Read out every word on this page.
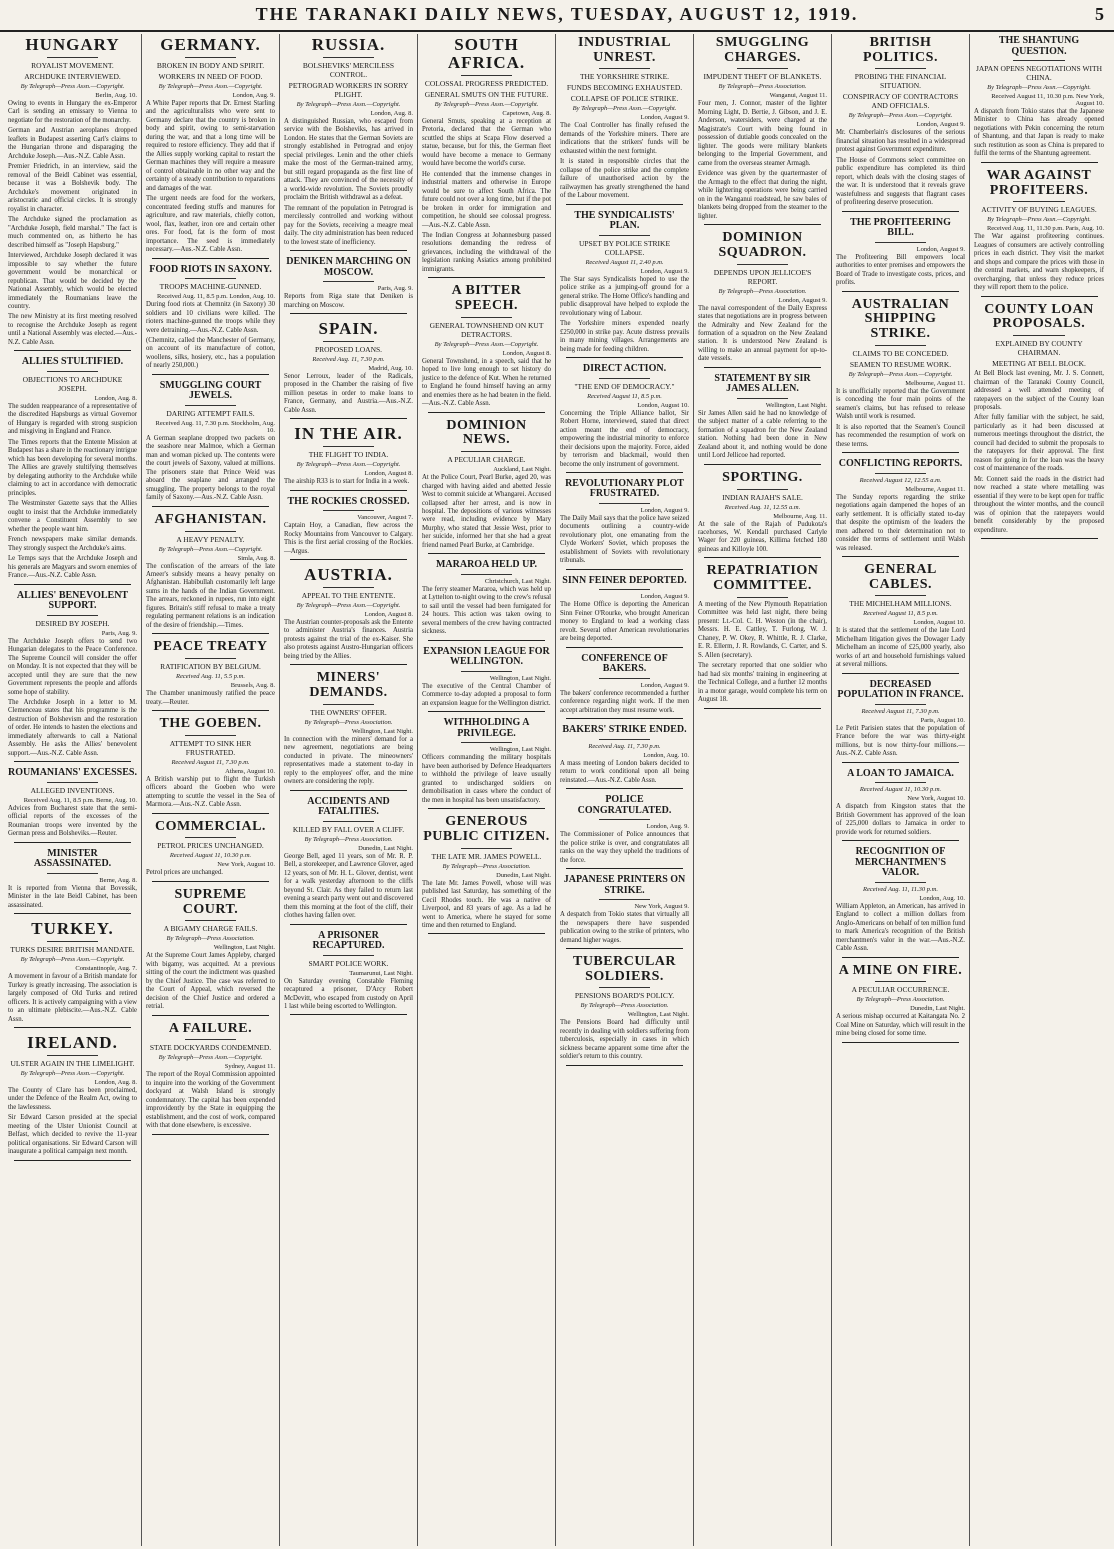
THE TARANAKI DAILY NEWS, TUESDAY, AUGUST 12, 1919.	5
HUNGARY
ROYALIST MOVEMENT.
ARCHDUKE INTERVIEWED.
By Telegraph—Press Assn.—Copyright.
Berlin, Aug. 10.

Owing to events in Hungary the ex-Emperor Carl is sending an emissary to Vienna to negotiate for the restoration of the monarchy.

German and Austrian aeroplanes dropped leaflets in Budapest asserting Carl's claims to the Hungarian throne and disparaging the Archduke Joseph.—Aus.-N.Z. Cable Assn.

Premier Friedrich, in an interview, said the removal of the Beidl Cabinet was essential, because it was a Bolshevik body. The Archduke's movement originated in aristocratic and official circles. It is strongly royalist in character.

The Archduke signed the proclamation as "Archduke Joseph, field marshal." The fact is much commented on, as hitherto he has described himself as "Joseph Hapsburg."

Interviewed, Archduke Joseph declared it was impossible to say whether the future government would be monarchical or republican. That would be decided by the National Assembly, which would be elected immediately the Roumanians leave the country.

The new Ministry at its first meeting resolved to recognise the Archduke Joseph as regent until a National Assembly was elected.—Aus.-N.Z. Cable Assn.

ALLIES STULTIFIED.
OBJECTIONS TO ARCHDUKE JOSEPH.
London, Aug. 8.

The sudden reappearance of a representative of the discredited Hapsburgs as virtual Governor of Hungary is regarded with strong suspicion and misgiving in England and France.

The Times reports that the Entente Mission at Budapest has a share in the reactionary intrigue which has been developing for several months. The Allies are gravely stultifying themselves by delegating authority to the Archduke while claiming to act in accordance with democratic principles.

The Westminster Gazette says that the Allies ought to insist that the Archduke immediately convene a Constituent Assembly to see whether the people want him.

French newspapers make similar demands. They strongly suspect the Archduke's aims.

Le Temps says that the Archduke Joseph and his generals are Magyars and sworn enemies of France.—Aus.-N.Z. Cable Assn.

ALLIES' BENEVOLENT SUPPORT.
DESIRED BY JOSEPH.
Paris, Aug. 9.

The Archduke Joseph offers to send two Hungarian delegates to the Peace Conference. The Supreme Council will consider the offer on Monday. It is not expected that they will be accepted until they are sure that the new Government represents the people and affords some hope of stability.

The Archduke Joseph in a letter to M. Clemenceau states that his programme is the destruction of Bolshevism and the restoration of order. He intends to hasten the elections and immediately afterwards to call a National Assembly. He asks the Allies' benevolent support.—Aus.-N.Z. Cable Assn.

ROUMANIANS' EXCESSES.
ALLEGED INVENTIONS.
Received Aug. 11, 8.5 p.m. Berne, Aug. 10.

Advices from Bucharest state that the semi-official reports of the excesses of the Roumanian troops were invented by the German press and Bolsheviks.—Reuter.

MINISTER ASSASSINATED.
Berne, Aug. 8.

It is reported from Vienna that Bovessik, Minister in the late Beidl Cabinet, has been assassinated.

TURKEY.
TURKS DESIRE BRITISH MANDATE.
By Telegraph—Press Assn.—Copyright.
Constantinople, Aug. 7.

A movement in favour of a British mandate for Turkey is greatly increasing. The association is largely composed of Old Turks and retired officers. It is actively campaigning with a view to an ultimate plebiscite.—Aus.-N.Z. Cable Assn.

IRELAND.
ULSTER AGAIN IN THE LIMELIGHT.
By Telegraph—Press Assn.—Copyright.
London, Aug. 8.

The County of Clare has been proclaimed, under the Defence of the Realm Act, owing to the lawlessness.

Sir Edward Carson presided at the special meeting of the Ulster Unionist Council at Belfast, which decided to revive the 11-year political organisations. Sir Edward Carson will inaugurate a political campaign next month.

GERMANY.
BROKEN IN BODY AND SPIRIT.
WORKERS IN NEED OF FOOD.
By Telegraph—Press Assn.—Copyright.
London, Aug. 9.

A White Paper reports that Dr. Ernest Starling and the agriculturalists who were sent to Germany declare that the country is broken in body and spirit, owing to semi-starvation during the war, and that a long time will be required to restore efficiency. They add that if the Allies supply working capital to restart the German machines they will require a measure of control obtainable in no other way and the certainty of a steady contribution to reparations and damages of the war.

The urgent needs are food for the workers, concentrated feeding stuffs and manures for agriculture, and raw materials, chiefly cotton, wool, flax, leather, iron ore and certain other ores. For food, fat is the form of most importance. The seed is immediately necessary.—Aus.-N.Z. Cable Assn.

FOOD RIOTS IN SAXONY.
TROOPS MACHINE-GUNNED.
Received Aug. 11, 8.5 p.m. London, Aug. 10.

During food riots at Chemnitz (in Saxony) 30 soldiers and 10 civilians were killed. The rioters machine-gunned the troops while they were detraining.—Aus.-N.Z. Cable Assn.

(Chemnitz, called the Manchester of Germany, on account of its manufacture of cotton, woollens, silks, hosiery, etc., has a population of nearly 250,000.)

SMUGGLING COURT JEWELS.
DARING ATTEMPT FAILS.
Received Aug. 11, 7.30 p.m. Stockholm, Aug. 10.

A German seaplane dropped two packets on the seashore near Malmoe, which a German man and woman picked up. The contents were the court jewels of Saxony, valued at millions. The prisoners state that Prince Weid was aboard the seaplane and arranged the smuggling. The property belongs to the royal family of Saxony.—Aus.-N.Z. Cable Assn.

AFGHANISTAN.
A HEAVY PENALTY.
By Telegraph—Press Assn.—Copyright.
Simla, Aug. 8.

The confiscation of the arrears of the late Ameer's subsidy means a heavy penalty on Afghanistan. Habibullah customarily left large sums in the hands of the Indian Government. The arrears, reckoned in rupees, run into eight figures. Britain's stiff refusal to make a treaty regulating permanent relations is an indication of the desire of friendship.—Times.

PEACE TREATY
RATIFICATION BY BELGIUM.
Received Aug. 11, 5.5 p.m.
Brussels, Aug. 8.

The Chamber unanimously ratified the peace treaty.—Reuter.

THE GOEBEN.
ATTEMPT TO SINK HER FRUSTRATED.
Received August 11, 7.30 p.m.
Athens, August 10.

A British warship put to flight the Turkish officers aboard the Goeben who were attempting to scuttle the vessel in the Sea of Marmora.—Aus.-N.Z. Cable Assn.

COMMERCIAL.
PETROL PRICES UNCHANGED.
Received August 11, 10.30 p.m.
New York, August 10.

Petrol prices are unchanged.

SUPREME COURT.
A BIGAMY CHARGE FAILS.
By Telegraph—Press Association.
Wellington, Last Night.

At the Supreme Court James Appleby, charged with bigamy, was acquitted. At a previous sitting of the court the indictment was quashed by the Chief Justice. The case was referred to the Court of Appeal, which reversed the decision of the Chief Justice and ordered a retrial.

A FAILURE.
STATE DOCKYARDS CONDEMNED.
By Telegraph—Press Assn.—Copyright.
Sydney, August 11.

The report of the Royal Commission appointed to inquire into the working of the Government dockyard at Walsh Island is strongly condemnatory. The capital has been expended improvidently by the State in equipping the establishment, and the cost of work, compared with that done elsewhere, is excessive.

RUSSIA.
BOLSHEVIKS' MERCILESS CONTROL.
PETROGRAD WORKERS IN SORRY PLIGHT.
By Telegraph—Press Assn.—Copyright.
London, Aug. 8.

A distinguished Russian, who escaped from service with the Bolsheviks, has arrived in London. He states that the German Soviets are strongly established in Petrograd and enjoy special privileges. Lenin and the other chiefs make the most of the German-trained army, but still regard propaganda as the first line of attack. They are convinced of the necessity of a world-wide revolution. The Soviets proudly proclaim the British withdrawal as a defeat.

The remnant of the population in Petrograd is mercilessly controlled and working without pay for the Soviets, receiving a meagre meal daily. The city administration has been reduced to the lowest state of inefficiency.

DENIKEN MARCHING ON MOSCOW.
Paris, Aug. 9.

Reports from Riga state that Deniken is marching on Moscow.

SPAIN.
PROPOSED LOANS.
Received Aug. 11, 7.30 p.m.
Madrid, Aug. 10.

Senor Lerroux, leader of the Radicals, proposed in the Chamber the raising of five million pesetas in order to make loans to France, Germany, and Austria.—Aus.-N.Z. Cable Assn.

IN THE AIR.
THE FLIGHT TO INDIA.
By Telegraph—Press Assn.—Copyright.
London, August 8.

The airship R33 is to start for India in a week.

THE ROCKIES CROSSED.
Vancouver, August 7.

Captain Hoy, a Canadian, flew across the Rocky Mountains from Vancouver to Calgary. This is the first aerial crossing of the Rockies.—Argus.

AUSTRIA.
APPEAL TO THE ENTENTE.
By Telegraph—Press Assn.—Copyright.
London, August 8.

The Austrian counter-proposals ask the Entente to administer Austria's finances. Austria protests against the trial of the ex-Kaiser. She also protests against Austro-Hungarian officers being tried by the Allies.

MINERS' DEMANDS.
THE OWNERS' OFFER.
By Telegraph—Press Association.
Wellington, Last Night.

In connection with the miners' demand for a new agreement, negotiations are being conducted in private. The mineowners' representatives made a statement to-day in reply to the employees' offer, and the mine owners are considering the reply.

ACCIDENTS AND FATALITIES.
KILLED BY FALL OVER A CLIFF.
By Telegraph—Press Association.
Dunedin, Last Night.

George Bell, aged 11 years, son of Mr. R. P. Bell, a storekeeper, and Lawrence Glover, aged 12 years, son of Mr. H. L. Glover, dentist, went for a walk yesterday afternoon to the cliffs beyond St. Clair. As they failed to return last evening a search party went out and discovered them this morning at the foot of the cliff, their clothes having fallen over.

A PRISONER RECAPTURED.
SMART POLICE WORK.
Taumarunui, Last Night.

On Saturday evening Constable Fleming recaptured a prisoner, D'Arcy Robert McDevitt, who escaped from custody on April 1 last while being escorted to Wellington.

SOUTH AFRICA.
COLOSSAL PROGRESS PREDICTED.
GENERAL SMUTS ON THE FUTURE.
By Telegraph—Press Assn.—Copyright.
Capetown, Aug. 8.

General Smuts, speaking at a reception at Pretoria, declared that the German who scuttled the ships at Scapa Flow deserved a statue, because, but for this, the German fleet would have become a menace to Germany would have become the world's curse.

He contended that the immense changes in industrial matters and otherwise in Europe would be sure to affect South Africa. The future could not over a long time, but if the pot be broken in order for immigration and competition, he should see colossal progress.—Aus.-N.Z. Cable Assn.

The Indian Congress at Johannesburg passed resolutions demanding the redress of grievances, including the withdrawal of the legislation ranking Asiatics among prohibited immigrants.

A BITTER SPEECH.
GENERAL TOWNSHEND ON KUT DETRACTORS.
By Telegraph—Press Assn.—Copyright.
London, August 8.

General Townshend, in a speech, said that he hoped to live long enough to set history do justice to the defence of Kut. When he returned to England he found himself having an army and enemies there as he had beaten in the field.—Aus.-N.Z. Cable Assn.

DOMINION NEWS.
A PECULIAR CHARGE.
Auckland, Last Night.

At the Police Court, Pearl Burke, aged 20, was charged with having aided and abetted Jessie West to commit suicide at Whangarei. Accused collapsed after her arrest, and is now in hospital. The depositions of various witnesses were read, including evidence by Mary Murphy, who stated that Jessie West, prior to her suicide, informed her that she had a great friend named Pearl Burke, at Cambridge.

MARAROA HELD UP.
Christchurch, Last Night.

The ferry steamer Mararoa, which was held up at Lyttelton to-night owing to the crew's refusal to sail until the vessel had been fumigated for 24 hours. This action was taken owing to several members of the crew having contracted sickness.

EXPANSION LEAGUE FOR WELLINGTON.
Wellington, Last Night.

The executive of the Central Chamber of Commerce to-day adopted a proposal to form an expansion league for the Wellington district.

WITHHOLDING A PRIVILEGE.
Wellington, Last Night.

Officers commanding the military hospitals have been authorised by Defence Headquarters to withhold the privilege of leave usually granted to undischarged soldiers on demobilisation in cases where the conduct of the men in hospital has been unsatisfactory.

GENEROUS PUBLIC CITIZEN.
THE LATE MR. JAMES POWELL.
By Telegraph—Press Association.
Dunedin, Last Night.

The late Mr. James Powell, whose will was published last Saturday, has something of the Cecil Rhodes touch. He was a native of Liverpool, and 83 years of age. As a lad he went to America, where he stayed for some time and then returned to England.

INDUSTRIAL UNREST.
THE YORKSHIRE STRIKE.
FUNDS BECOMING EXHAUSTED.
COLLAPSE OF POLICE STRIKE.
By Telegraph—Press Assn.—Copyright.
London, August 9.

The Coal Controller has finally refused the demands of the Yorkshire miners. There are indications that the strikers' funds will be exhausted within the next fortnight.

It is stated in responsible circles that the collapse of the police strike and the complete failure of unauthorised action by the railwaymen has greatly strengthened the hand of the Labour movement.

THE SYNDICALISTS' PLAN.
UPSET BY POLICE STRIKE COLLAPSE.
Received August 11, 2.40 p.m.
London, August 9.

The Star says Syndicalists hoped to use the police strike as a jumping-off ground for a general strike. The Home Office's handling and public disapproval have helped to explode the revolutionary wing of Labour.

The Yorkshire miners expended nearly £250,000 in strike pay. Acute distress prevails in many mining villages. Arrangements are being made for feeding children.

DIRECT ACTION.
"THE END OF DEMOCRACY."
Received August 11, 8.5 p.m.
London, August 10.

Concerning the Triple Alliance ballot, Sir Robert Horne, interviewed, stated that direct action meant the end of democracy, empowering the industrial minority to enforce their decisions upon the majority. Force, aided by terrorism and blackmail, would then become the only instrument of government.

REVOLUTIONARY PLOT FRUSTRATED.
London, August 9.

The Daily Mail says that the police have seized documents outlining a country-wide revolutionary plot, one emanating from the Clyde Workers' Soviet, which proposes the establishment of Soviets with revolutionary tribunals.

SINN FEINER DEPORTED.
London, August 9.

The Home Office is deporting the American Sinn Feiner O'Rourke, who brought American money to England to lead a working class revolt. Several other American revolutionaries are being deported.

CONFERENCE OF BAKERS.
London, August 9.

The bakers' conference recommended a further conference regarding night work. If the men accept arbitration they must resume work.

BAKERS' STRIKE ENDED.
Received Aug. 11, 7.30 p.m.
London, Aug. 10.

A mass meeting of London bakers decided to return to work conditional upon all being reinstated.—Aus.-N.Z. Cable Assn.

POLICE CONGRATULATED.
London, Aug. 9.

The Commissioner of Police announces that the police strike is over, and congratulates all ranks on the way they upheld the traditions of the force.

JAPANESE PRINTERS ON STRIKE.
New York, August 9.

A despatch from Tokio states that virtually all the newspapers there have suspended publication owing to the strike of printers, who demand higher wages.

TUBERCULAR SOLDIERS.
PENSIONS BOARD'S POLICY.
By Telegraph—Press Association.
Wellington, Last Night.

The Pensions Board had difficulty until recently in dealing with soldiers suffering from tuberculosis, especially in cases in which sickness became apparent some time after the soldier's return to this country.

SMUGGLING CHARGES.
IMPUDENT THEFT OF BLANKETS.
By Telegraph—Press Association.
Wanganui, August 11.

Four men, J. Connor, master of the lighter Morning Light, D. Bertie, J. Gibson, and J. E. Anderson, watersiders, were charged at the Magistrate's Court with being found in possession of dutiable goods concealed on the lighter. The goods were military blankets belonging to the Imperial Government, and came from the overseas steamer Armagh.

Evidence was given by the quartermaster of the Armagh to the effect that during the night, while lightering operations were being carried on in the Wanganui roadstead, he saw bales of blankets being dropped from the steamer to the lighter.

DOMINION SQUADRON.
DEPENDS UPON JELLICOE'S REPORT.
By Telegraph—Press Association.
London, August 9.

The naval correspondent of the Daily Express states that negotiations are in progress between the Admiralty and New Zealand for the formation of a squadron on the New Zealand station. It is understood New Zealand is willing to make an annual payment for up-to-date vessels.

STATEMENT BY SIR JAMES ALLEN.
Wellington, Last Night.

Sir James Allen said he had no knowledge of the subject matter of a cable referring to the formation of a squadron for the New Zealand station. Nothing had been done in New Zealand about it, and nothing would be done until Lord Jellicoe had reported.

SPORTING.
INDIAN RAJAH'S SALE.
Received Aug. 11, 12.55 a.m.
Melbourne, Aug. 11.

At the sale of the Rajah of Pudukota's racehorses, W. Kendall purchased Carlyle Wager for 220 guineas, Killima fetched 180 guineas and Killoyle 100.

REPATRIATION COMMITTEE.

A meeting of the New Plymouth Repatriation Committee was held last night, there being present: Lt.-Col. C. H. Weston (in the chair), Messrs. H. E. Cattley, T. Furlong, W. J. Chaney, P. W. Okey, R. Whittle, R. J. Clarke, E. R. Ellerm, J. R. Rowlands, C. Carter, and S. S. Allen (secretary).

The secretary reported that one soldier who had had six months' training in engineering at the Technical College, and a further 12 months in a motor garage, would complete his term on August 18.

BRITISH POLITICS.
PROBING THE FINANCIAL SITUATION.
CONSPIRACY OF CONTRACTORS AND OFFICIALS.
By Telegraph—Press Assn.—Copyright.
London, August 9.

Mr. Chamberlain's disclosures of the serious financial situation has resulted in a widespread protest against Government expenditure.

The House of Commons select committee on public expenditure has completed its third report, which deals with the closing stages of the war. It is understood that it reveals grave wastefulness and suggests that flagrant cases of profiteering deserve prosecution.

THE PROFITEERING BILL.
London, August 9.

The Profiteering Bill empowers local authorities to enter premises and empowers the Board of Trade to investigate costs, prices, and profits.

AUSTRALIAN SHIPPING STRIKE.
CLAIMS TO BE CONCEDED.
SEAMEN TO RESUME WORK.
By Telegraph—Press Assn.—Copyright.
Melbourne, August 11.

It is unofficially reported that the Government is conceding the four main points of the seamen's claims, but has refused to release Walsh until work is resumed.

It is also reported that the Seamen's Council has recommended the resumption of work on these terms.

CONFLICTING REPORTS.
Received August 12, 12.55 a.m.
Melbourne, August 11.

The Sunday reports regarding the strike negotiations again dampened the hopes of an early settlement. It is officially stated to-day that despite the optimism of the leaders the men adhered to their determination not to consider the terms of settlement until Walsh was released.

GENERAL CABLES.
THE MICHELHAM MILLIONS.
Received August 11, 8.5 p.m.
London, August 10.

It is stated that the settlement of the late Lord Michelham litigation gives the Dowager Lady Michelham an income of £25,000 yearly, also works of art and household furnishings valued at several millions.

DECREASED POPULATION IN FRANCE.
Received August 11, 7.30 p.m.
Paris, August 10.

Le Petit Parisien states that the population of France before the war was thirty-eight millions, but is now thirty-four millions.—Aus.-N.Z. Cable Assn.

A LOAN TO JAMAICA.
Received August 11, 10.30 p.m.
New York, August 10.

A dispatch from Kingston states that the British Government has approved of the loan of 225,000 dollars to Jamaica in order to provide work for returned soldiers.

RECOGNITION OF MERCHANTMEN'S VALOR.
Received Aug. 11, 11.30 p.m.
London, Aug. 10.

William Appleton, an American, has arrived in England to collect a million dollars from Anglo-Americans on behalf of ten million fund to mark America's recognition of the British merchantmen's valor in the war.—Aus.-N.Z. Cable Assn.

A MINE ON FIRE.
A PECULIAR OCCURRENCE.
By Telegraph—Press Association.
Dunedin, Last Night.

A serious mishap occurred at Kaitangata No. 2 Coal Mine on Saturday, which will result in the mine being closed for some time.

THE SHANTUNG QUESTION.
JAPAN OPENS NEGOTIATIONS WITH CHINA.
By Telegraph—Press Assn.—Copyright.
Received August 11, 10.30 p.m. New York, August 10.

A dispatch from Tokio states that the Japanese Minister to China has already opened negotiations with Pekin concerning the return of Shantung, and that Japan is ready to make such restitution as soon as China is prepared to fulfil the terms of the Shantung agreement.

WAR AGAINST PROFITEERS.
ACTIVITY OF BUYING LEAGUES.
By Telegraph—Press Assn.—Copyright.
Received Aug. 11, 11.30 p.m. Paris, Aug. 10.

The War against profiteering continues. Leagues of consumers are actively controlling prices in each district. They visit the market and shops and compare the prices with those in the central markets, and warn shopkeepers, if overcharging, that unless they reduce prices they will report them to the police.

COUNTY LOAN PROPOSALS.
EXPLAINED BY COUNTY CHAIRMAN.
MEETING AT BELL BLOCK.

At Bell Block last evening, Mr. J. S. Connett, chairman of the Taranaki County Council, addressed a well attended meeting of ratepayers on the subject of the County loan proposals.

After fully familiar with the subject, he said, particularly as it had been discussed at numerous meetings throughout the district, the council had decided to submit the proposals to the ratepayers for their approval. The first reason for going in for the loan was the heavy cost of maintenance of the roads.

Mr. Connett said the roads in the district had now reached a state where metalling was essential if they were to be kept open for traffic throughout the winter months, and the council was of opinion that the ratepayers would benefit considerably by the proposed expenditure.
